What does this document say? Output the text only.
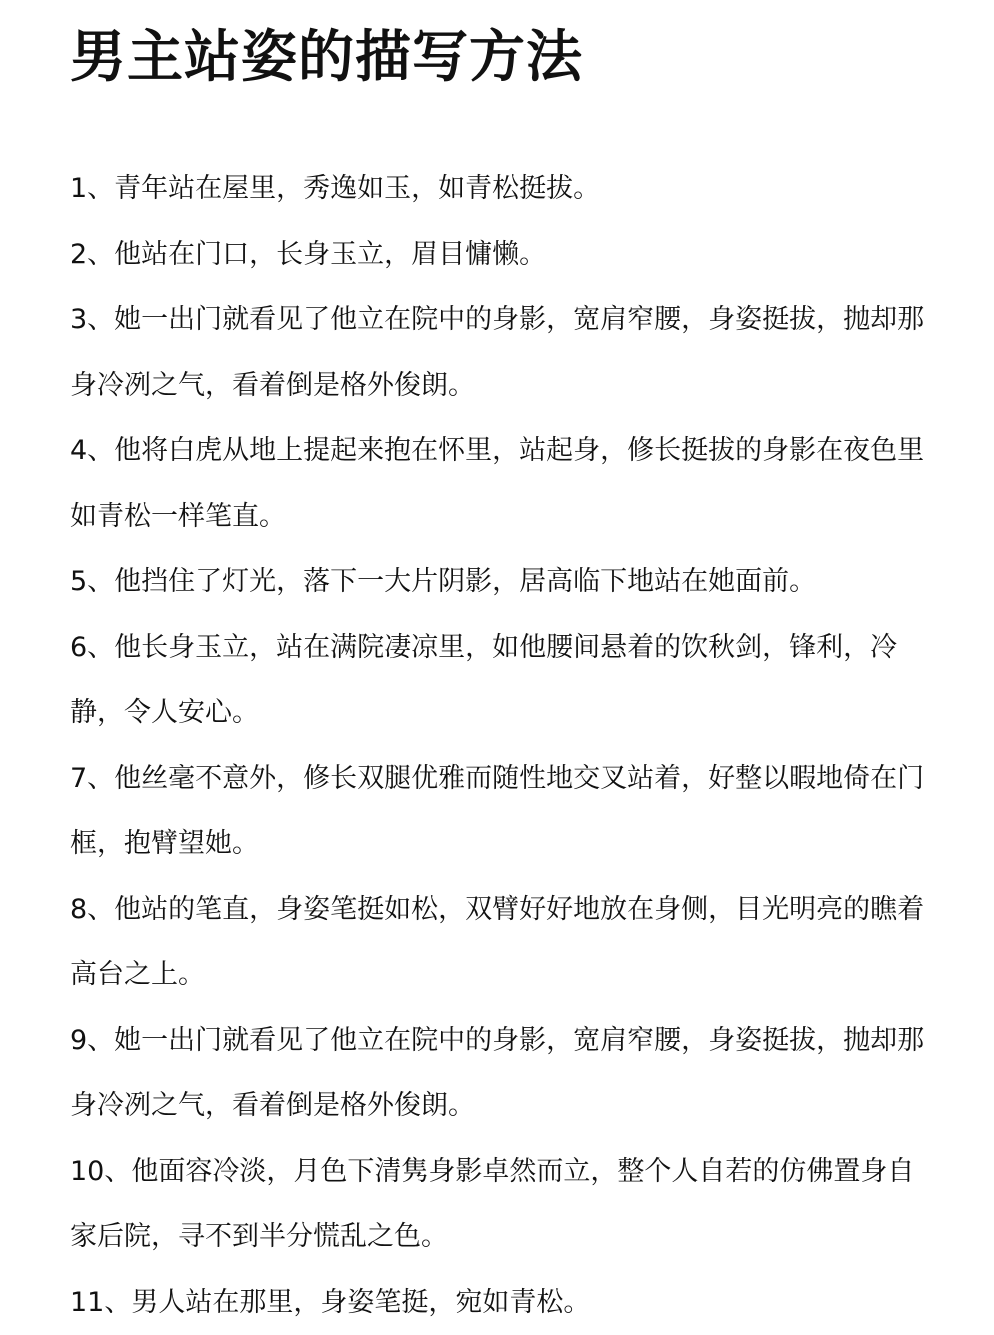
男主站姿的描写方法

1、青年站在屋里，秀逸如玉，如青松挺拔。

2、他站在门口，长身玉立，眉目慵懒。

3、她一出门就看见了他立在院中的身影，宽肩窄腰，身姿挺拔，抛却那身冷冽之气，看着倒是格外俊朗。

4、他将白虎从地上提起来抱在怀里，站起身，修长挺拔的身影在夜色里如青松一样笔直。

5、他挡住了灯光，落下一大片阴影，居高临下地站在她面前。

6、他长身玉立，站在满院凄凉里，如他腰间悬着的饮秋剑，锋利，冷静，令人安心。

7、他丝毫不意外，修长双腿优雅而随性地交叉站着，好整以暇地倚在门框，抱臂望她。

8、他站的笔直，身姿笔挺如松，双臂好好地放在身侧，目光明亮的瞧着高台之上。

9、她一出门就看见了他立在院中的身影，宽肩窄腰，身姿挺拔，抛却那身冷冽之气，看着倒是格外俊朗。

10、他面容冷淡，月色下清隽身影卓然而立，整个人自若的仿佛置身自家后院，寻不到半分慌乱之色。

11、男人站在那里，身姿笔挺，宛如青松。
